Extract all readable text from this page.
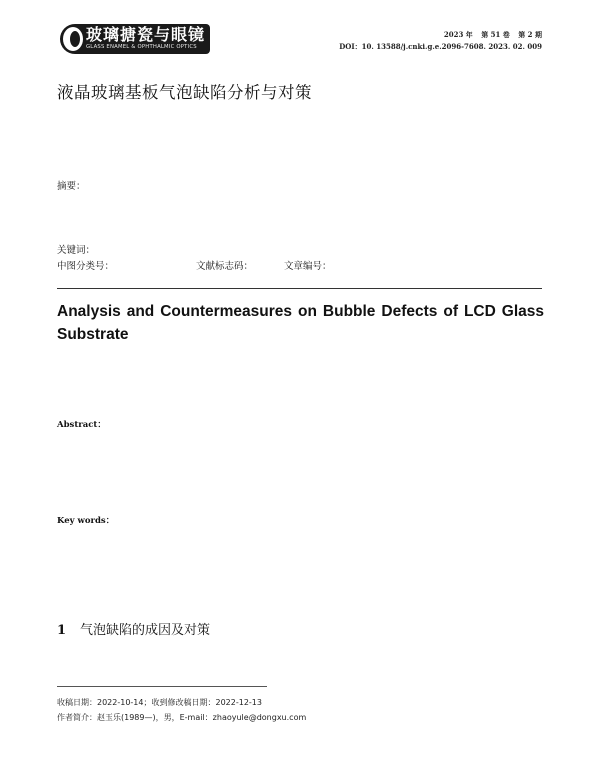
玻璃搪瓷与眼镜
GLASS ENAMEL & OPHTHALMIC OPTICS
2023 年 第 51 卷 第 2 期
DOI：10. 13588/j.cnki.g.e.2096-7608. 2023. 02. 009
液晶玻璃基板气泡缺陷分析与对策
摘要：
关键词：
中图分类号：	文献标志码：	文章编号：
Analysis and Countermeasures on Bubble Defects of LCD Glass Substrate
Abstract：
Key words：
1 气泡缺陷的成因及对策
收稿日期：2022-10-14；收到修改稿日期：2022-12-13
作者简介：赵玉乐(1989—)，男，E-mail：zhaoyule@dongxu.com
